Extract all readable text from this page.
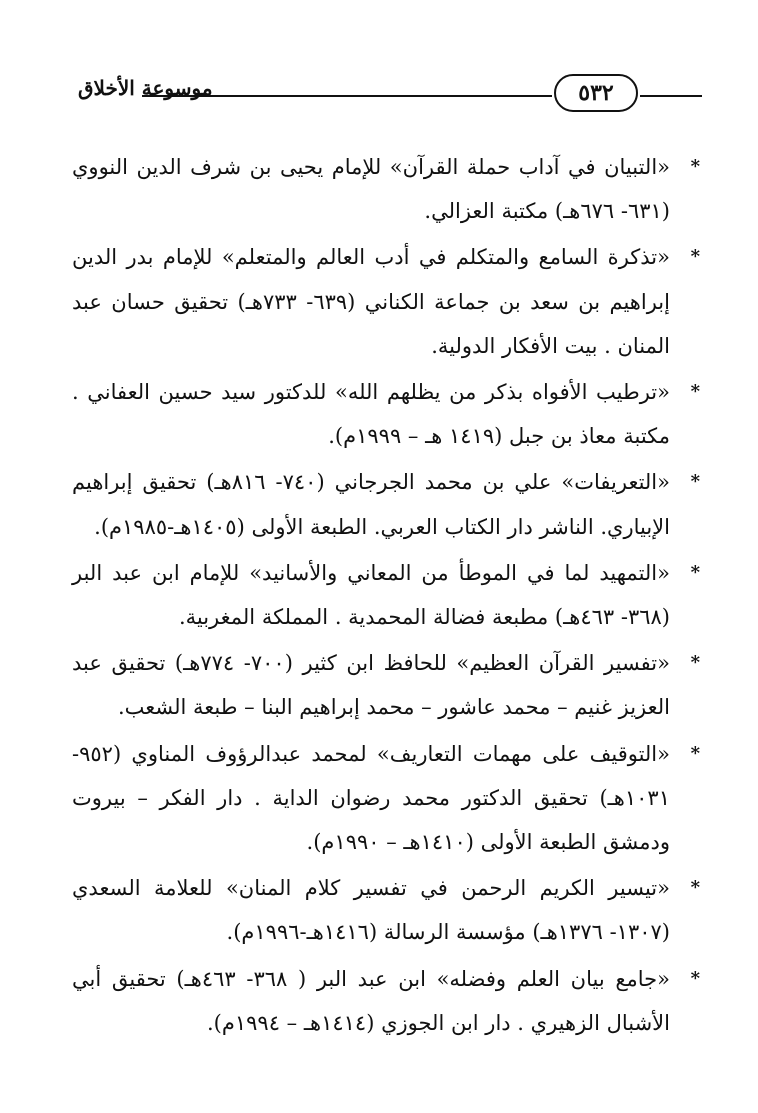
٥٣٢
موسوعة الأخلاق
*
«التبيان في آداب حملة القرآن» للإمام يحيى بن شرف الدين النووي (٦٣١- ٦٧٦هـ) مكتبة العزالي.
*
«تذكرة السامع والمتكلم في أدب العالم والمتعلم» للإمام بدر الدين إبراهيم بن سعد بن جماعة الكناني (٦٣٩- ٧٣٣هـ) تحقيق حسان عبد المنان . بيت الأفكار الدولية.
*
«ترطيب الأفواه بذكر من يظلهم الله» للدكتور سيد حسين العفاني . مكتبة معاذ بن جبل (١٤١٩ هـ – ١٩٩٩م).
*
«التعريفات» علي بن محمد الجرجاني (٧٤٠- ٨١٦هـ) تحقيق إبراهيم الإبياري. الناشر دار الكتاب العربي. الطبعة الأولى (١٤٠٥هـ-١٩٨٥م).
*
«التمهيد لما في الموطأ من المعاني والأسانيد» للإمام ابن عبد البر (٣٦٨- ٤٦٣هـ) مطبعة فضالة المحمدية . المملكة المغربية.
*
«تفسير القرآن العظيم» للحافظ ابن كثير (٧٠٠- ٧٧٤هـ) تحقيق عبد العزيز غنيم – محمد عاشور – محمد إبراهيم البنا – طبعة الشعب.
*
«التوقيف على مهمات التعاريف» لمحمد عبدالرؤوف المناوي (٩٥٢- ١٠٣١هـ) تحقيق الدكتور محمد رضوان الداية . دار الفكر – بيروت ودمشق الطبعة الأولى (١٤١٠هـ – ١٩٩٠م).
*
«تيسير الكريم الرحمن في تفسير كلام المنان» للعلامة السعدي (١٣٠٧- ١٣٧٦هـ) مؤسسة الرسالة (١٤١٦هـ-١٩٩٦م).
*
«جامع بيان العلم وفضله» ابن عبد البر ( ٣٦٨- ٤٦٣هـ) تحقيق أبي الأشبال الزهيري . دار ابن الجوزي (١٤١٤هـ – ١٩٩٤م).
